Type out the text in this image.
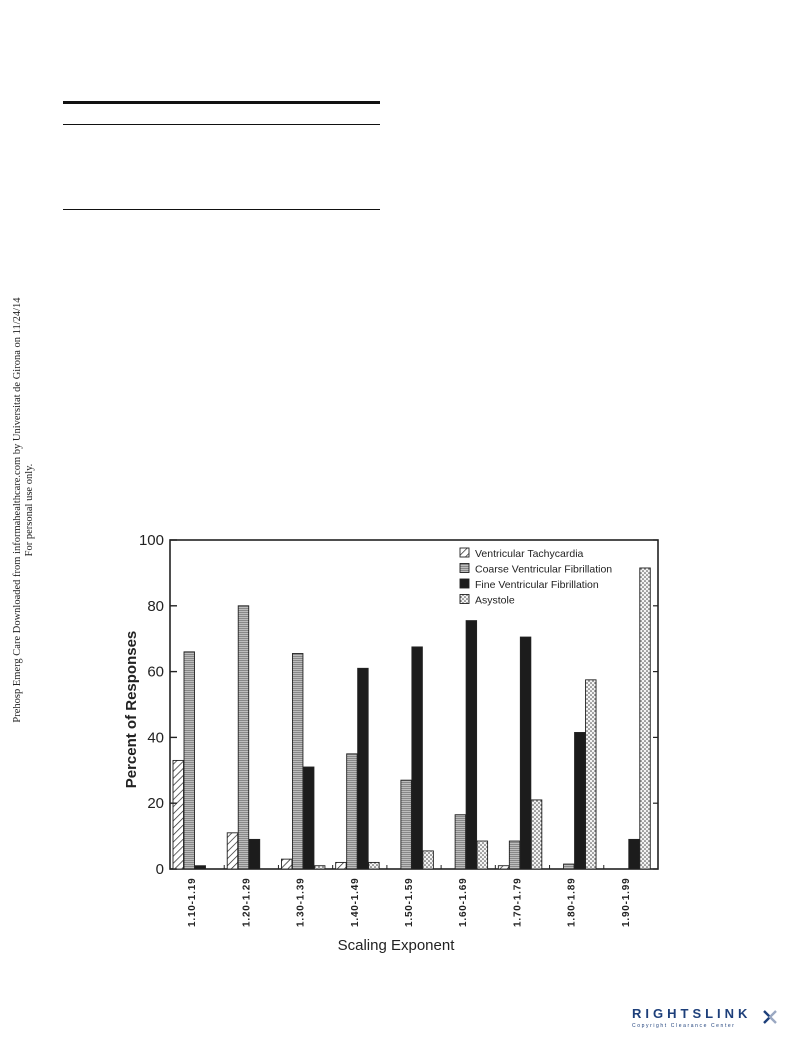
Prehosp Emerg Care Downloaded from informahealthcare.com by Universitat de Girona on 11/24/14 For personal use only.
0
20
40
60
80
100
1.10-1.19	1.20-1.29	1.30-1.39	1.40-1.49	1.50-1.59	1.60-1.69	1.70-1.79	1.80-1.89	1.90-1.99
Percent of Responses
Scaling Exponent
Ventricular Tachycardia
Coarse Ventricular Fibrillation
Fine Ventricular Fibrillation
Asystole
RIGHTSLINK
Copyright Clearance Center
